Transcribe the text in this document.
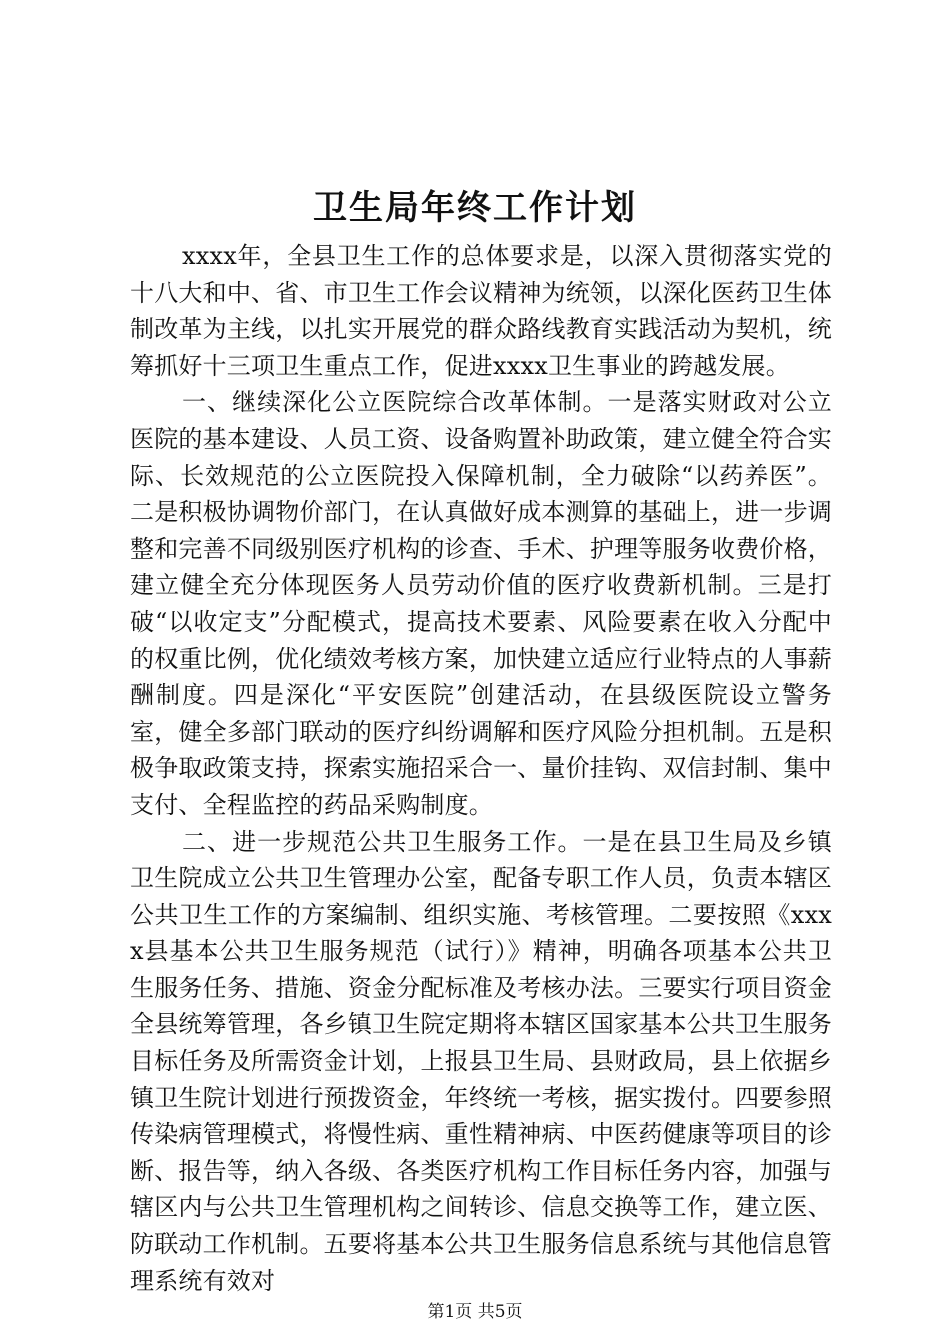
卫生局年终工作计划

xxxx年，全县卫生工作的总体要求是，以深入贯彻落实党的十八大和中、省、市卫生工作会议精神为统领，以深化医药卫生体制改革为主线，以扎实开展党的群众路线教育实践活动为契机，统筹抓好十三项卫生重点工作，促进xxxx卫生事业的跨越发展。

一、继续深化公立医院综合改革体制。一是落实财政对公立医院的基本建设、人员工资、设备购置补助政策，建立健全符合实际、长效规范的公立医院投入保障机制，全力破除“以药养医”。二是积极协调物价部门，在认真做好成本测算的基础上，进一步调整和完善不同级别医疗机构的诊查、手术、护理等服务收费价格，建立健全充分体现医务人员劳动价值的医疗收费新机制。三是打破“以收定支”分配模式，提高技术要素、风险要素在收入分配中的权重比例，优化绩效考核方案，加快建立适应行业特点的人事薪酬制度。四是深化“平安医院”创建活动，在县级医院设立警务室，健全多部门联动的医疗纠纷调解和医疗风险分担机制。五是积极争取政策支持，探索实施招采合一、量价挂钩、双信封制、集中支付、全程监控的药品采购制度。

二、进一步规范公共卫生服务工作。一是在县卫生局及乡镇卫生院成立公共卫生管理办公室，配备专职工作人员，负责本辖区公共卫生工作的方案编制、组织实施、考核管理。二要按照《xxxx县基本公共卫生服务规范（试行）》精神，明确各项基本公共卫生服务任务、措施、资金分配标准及考核办法。三要实行项目资金全县统筹管理，各乡镇卫生院定期将本辖区国家基本公共卫生服务目标任务及所需资金计划，上报县卫生局、县财政局，县上依据乡镇卫生院计划进行预拨资金，年终统一考核，据实拨付。四要参照传染病管理模式，将慢性病、重性精神病、中医药健康等项目的诊断、报告等，纳入各级、各类医疗机构工作目标任务内容，加强与辖区内与公共卫生管理机构之间转诊、信息交换等工作，建立医、防联动工作机制。五要将基本公共卫生服务信息系统与其他信息管理系统有效对

第1页 共5页
